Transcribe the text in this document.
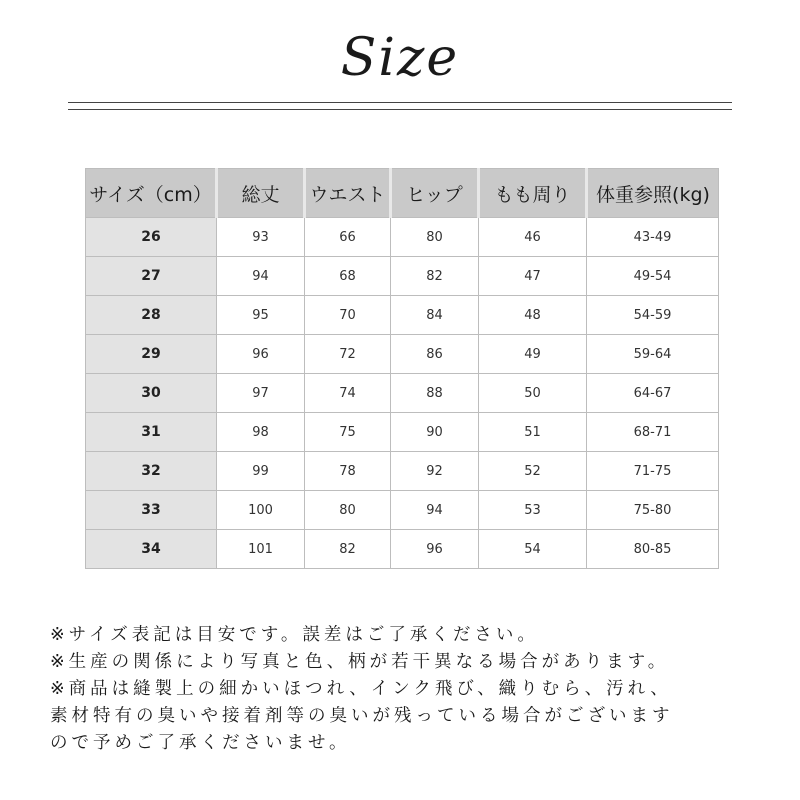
Size
サイズ（cm）	総丈	ウエスト	ヒップ	もも周り	体重参照(kg)
26	93	66	80	46	43-49
27	94	68	82	47	49-54
28	95	70	84	48	54-59
29	96	72	86	49	59-64
30	97	74	88	50	64-67
31	98	75	90	51	68-71
32	99	78	92	52	71-75
33	100	80	94	53	75-80
34	101	82	96	54	80-85
※サイズ表記は目安です。誤差はご了承ください。
※生産の関係により写真と色、柄が若干異なる場合があります。
※商品は縫製上の細かいほつれ、インク飛び、織りむら、汚れ、
素材特有の臭いや接着剤等の臭いが残っている場合がございます
ので予めご了承くださいませ。
